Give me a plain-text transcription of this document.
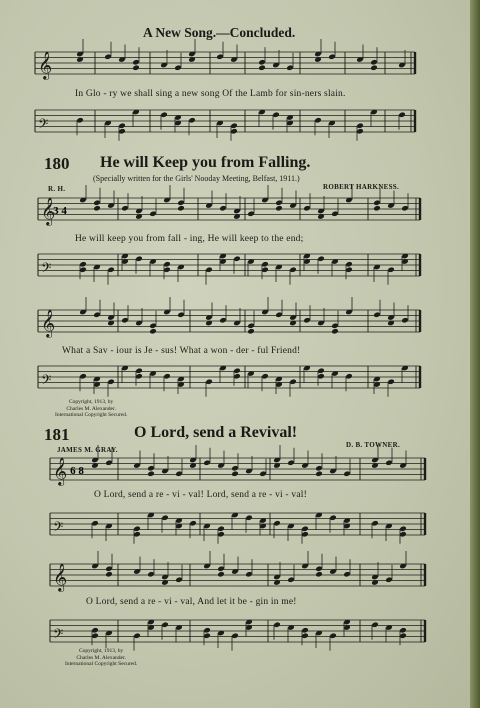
A New Song.—Concluded.
In Glo - ry we shall sing a new song Of the Lamb for sin-ners slain.
180 He will Keep you from Falling.
(Specially written for the Girls' Nooday Meeting, Belfast, 1911.)
R. H.	ROBERT HARKNESS.
He will keep you from fall - ing, He will keep to the end;
What a Sav - iour is Je - sus! What a won - der - ful Friend!
Copyright, 1913, by
Charles M. Alexander.
International Copyright Secured.
181	O Lord, send a Revival!
JAMES M. GRAY.
D. B. TOWNER.
O Lord, send a re - vi - val! Lord, send a re - vi - val!
O Lord, send a re - vi - val, And let it be - gin in me!
Copyright, 1913, by
Charles M. Alexander.
International Copyright Secured.
𝄞
𝄢
𝄞
𝄢
𝄞
𝄢
𝄞
𝄢
𝄞
𝄢
3 4
6 8
